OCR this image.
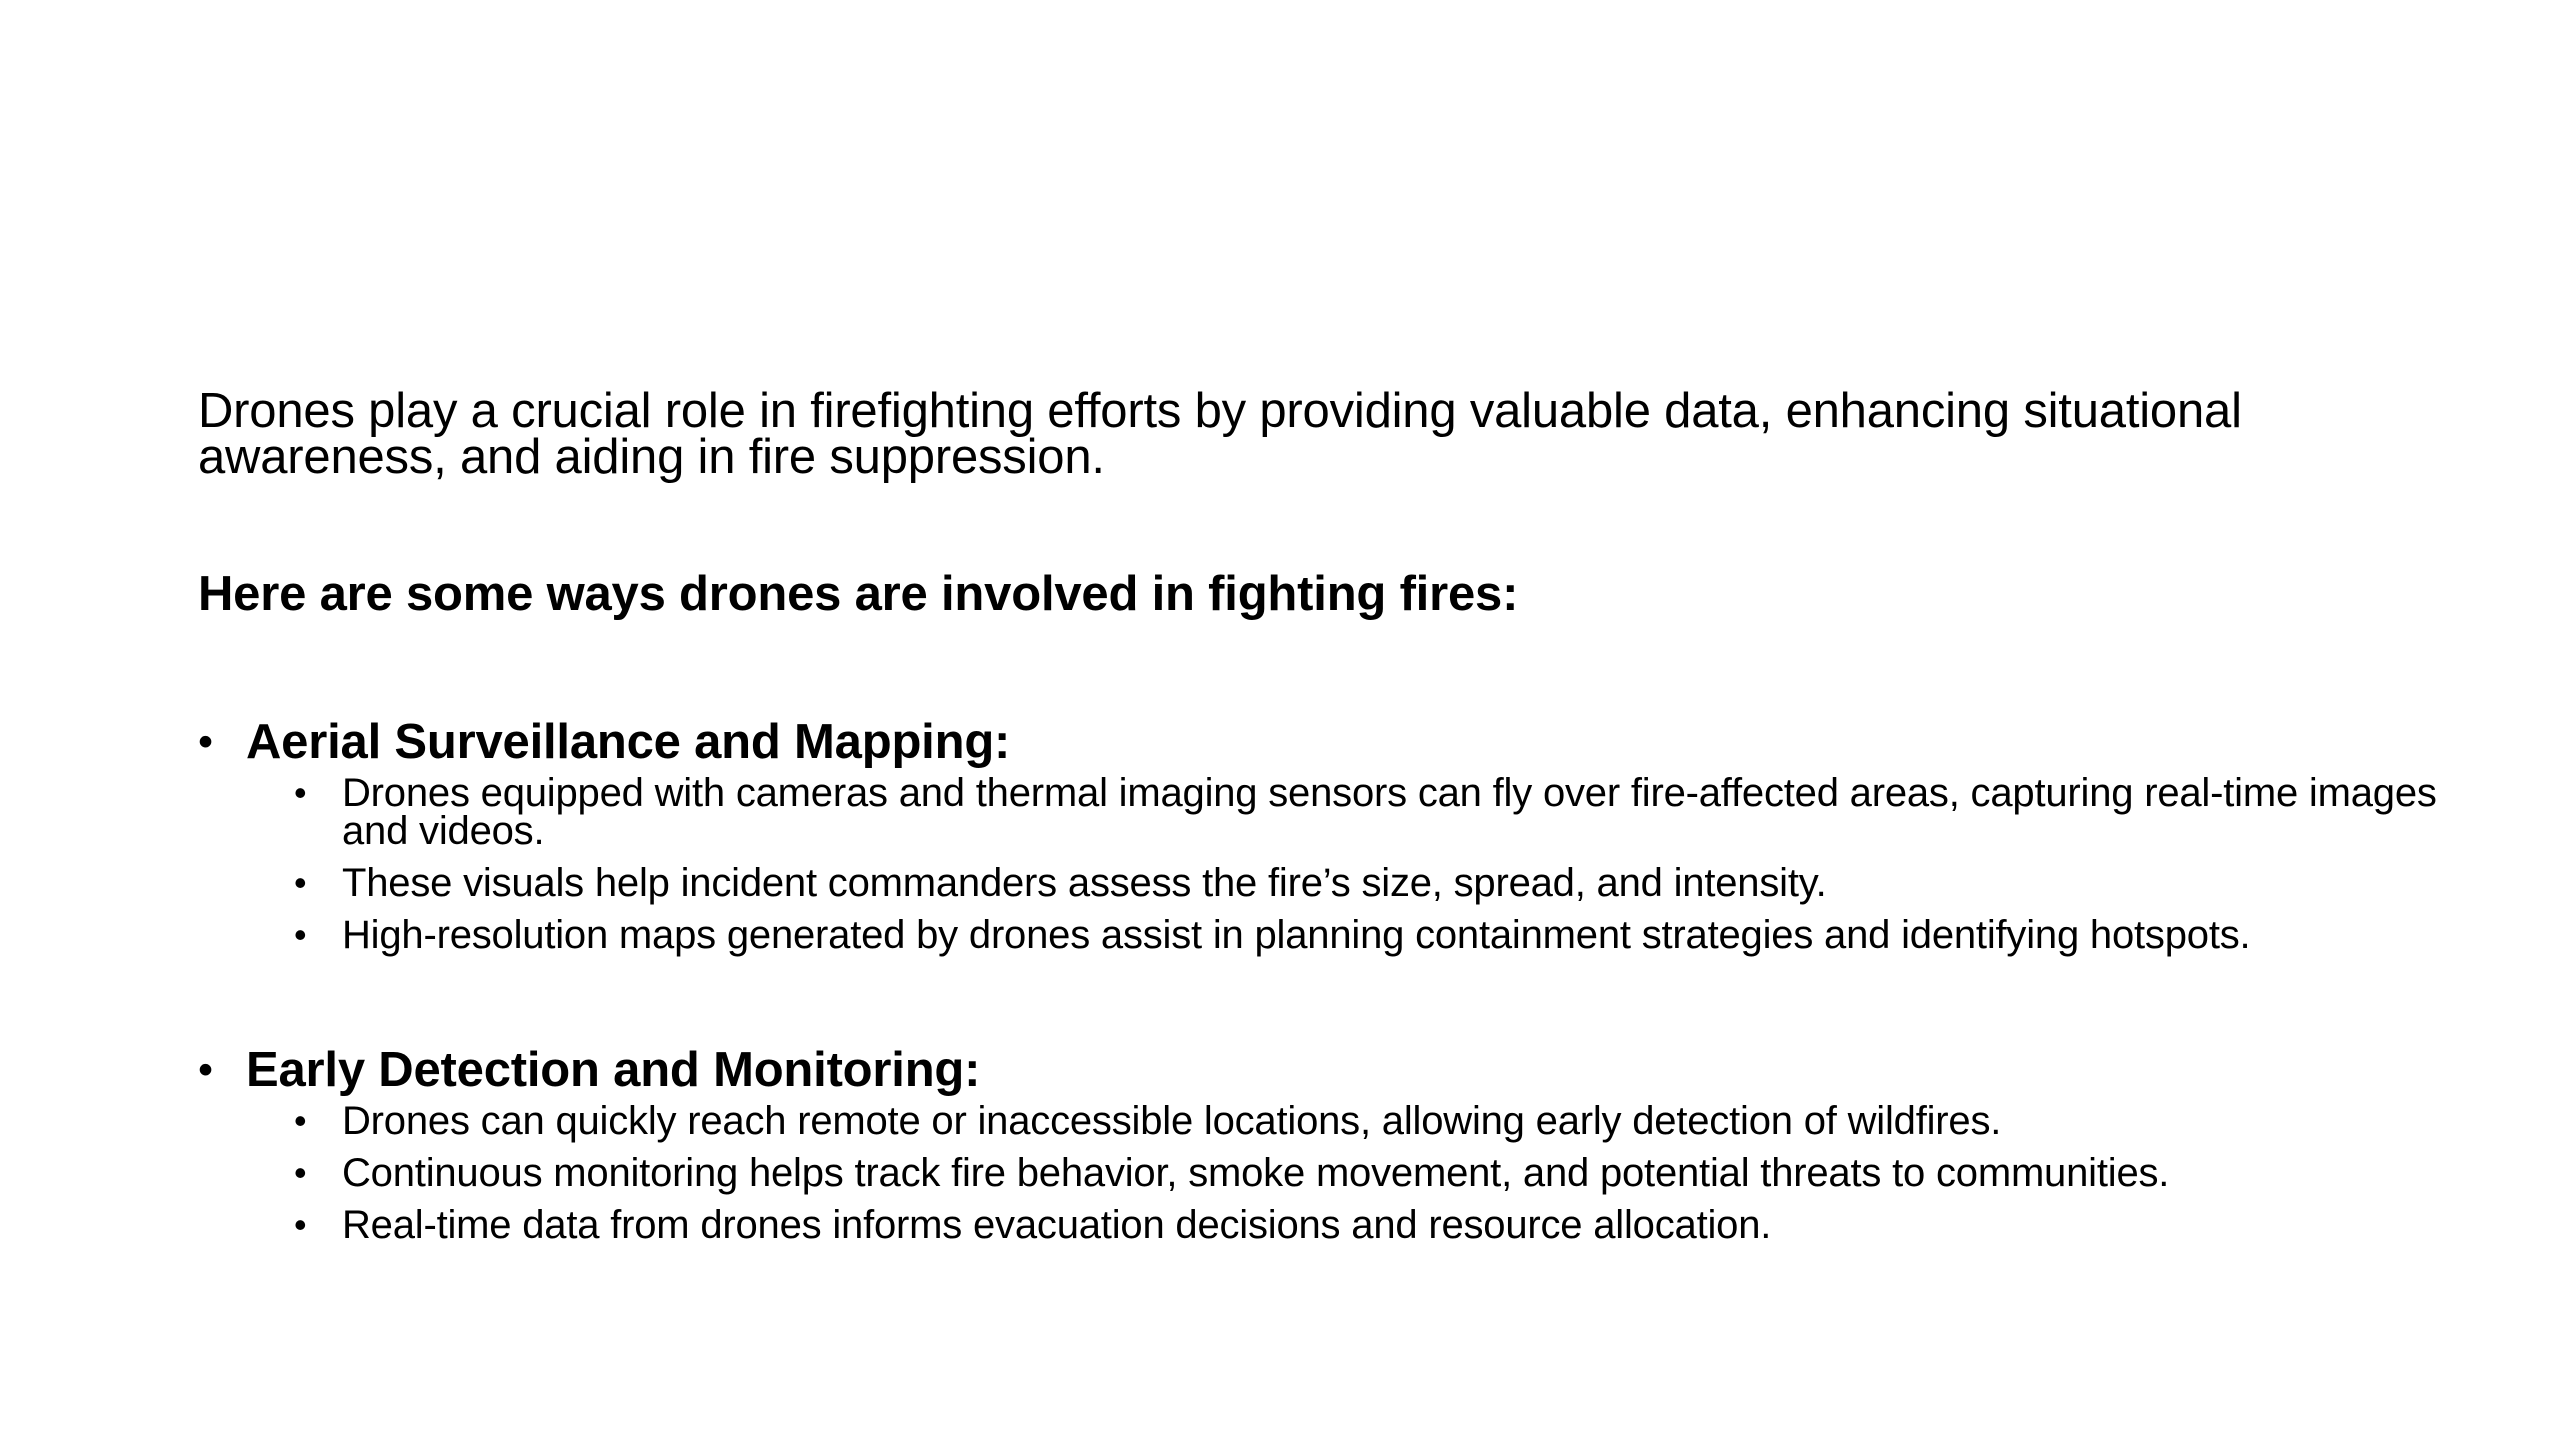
Drones play a crucial role in firefighting efforts by providing valuable data, enhancing situational awareness, and aiding in fire suppression.

Here are some ways drones are involved in fighting fires:

• Aerial Surveillance and Mapping:
• Drones equipped with cameras and thermal imaging sensors can fly over fire-affected areas, capturing real-time images and videos.
• These visuals help incident commanders assess the fire’s size, spread, and intensity.
• High-resolution maps generated by drones assist in planning containment strategies and identifying hotspots.
• Early Detection and Monitoring:
• Drones can quickly reach remote or inaccessible locations, allowing early detection of wildfires.
• Continuous monitoring helps track fire behavior, smoke movement, and potential threats to communities.
• Real-time data from drones informs evacuation decisions and resource allocation.
